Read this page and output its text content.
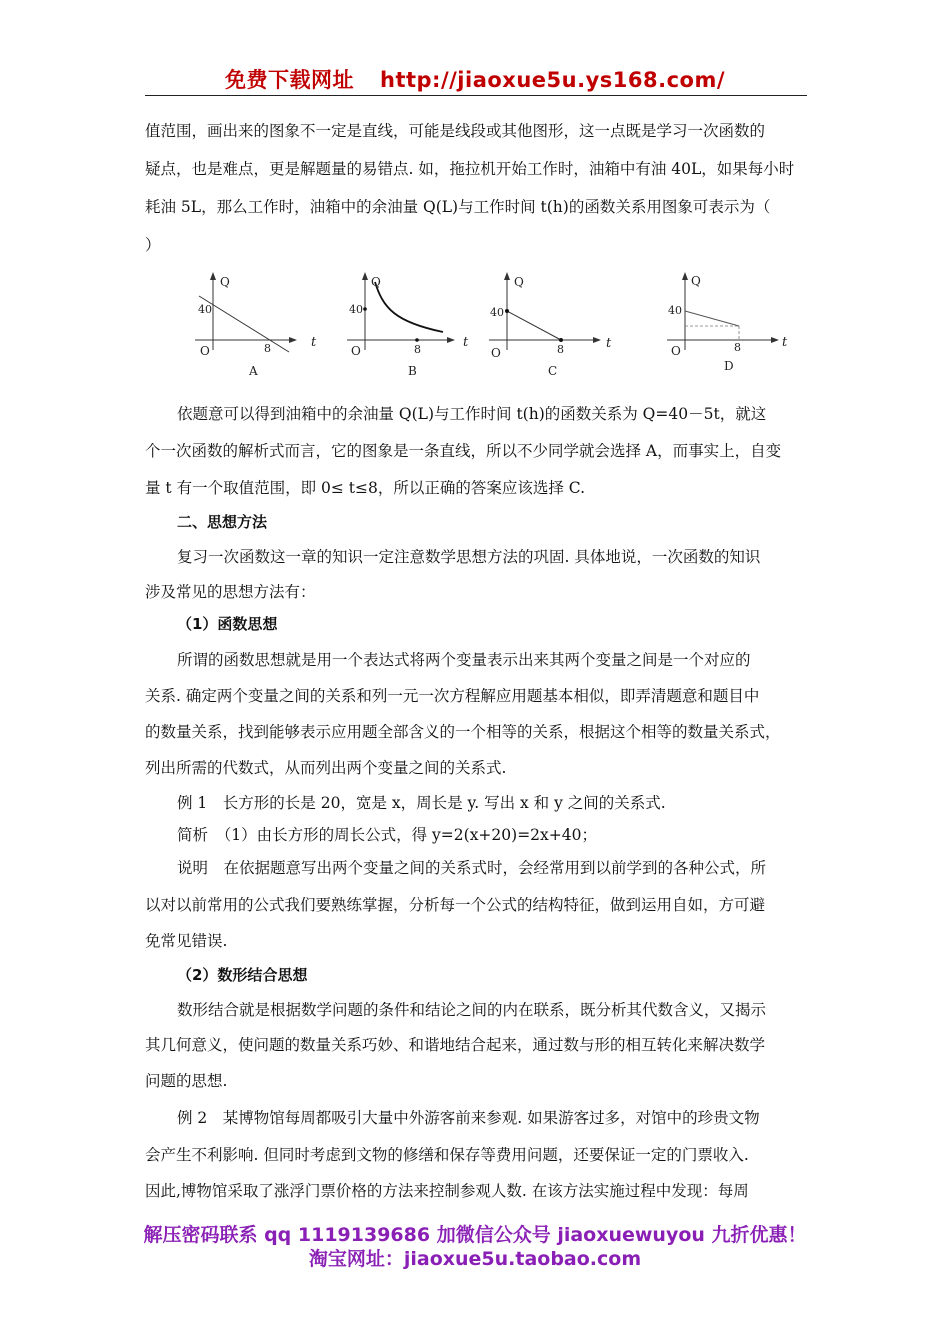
免费下载网址 http://jiaoxue5u.ys168.com/
值范围，画出来的图象不一定是直线，可能是线段或其他图形，这一点既是学习一次函数的
疑点，也是难点，更是解题量的易错点. 如，拖拉机开始工作时，油箱中有油 40L，如果每小时
耗油 5L，那么工作时，油箱中的余油量 Q(L)与工作时间 t(h)的函数关系用图象可表示为（
）
Q
t
40
O	8
A
Q
t
40
O	8
B
Q
t
40
O	8
C
Q
t
40
O	8
D
依题意可以得到油箱中的余油量 Q(L)与工作时间 t(h)的函数关系为 Q=40－5t，就这
个一次函数的解析式而言，它的图象是一条直线，所以不少同学就会选择 A，而事实上，自变
量 t 有一个取值范围，即 0≤ t≤8，所以正确的答案应该选择 C.
二、思想方法
复习一次函数这一章的知识一定注意数学思想方法的巩固. 具体地说，一次函数的知识
涉及常见的思想方法有：
（1）函数思想
所谓的函数思想就是用一个表达式将两个变量表示出来其两个变量之间是一个对应的
关系. 确定两个变量之间的关系和列一元一次方程解应用题基本相似，即弄清题意和题目中
的数量关系，找到能够表示应用题全部含义的一个相等的关系，根据这个相等的数量关系式，
列出所需的代数式，从而列出两个变量之间的关系式.
例 1　长方形的长是 20，宽是 x，周长是 y. 写出 x 和 y 之间的关系式.
简析　（1）由长方形的周长公式，得 y=2(x+20)=2x+40；
说明　在依据题意写出两个变量之间的关系式时，会经常用到以前学到的各种公式，所
以对以前常用的公式我们要熟练掌握，分析每一个公式的结构特征，做到运用自如，方可避
免常见错误.
（2）数形结合思想
数形结合就是根据数学问题的条件和结论之间的内在联系，既分析其代数含义，又揭示
其几何意义，使问题的数量关系巧妙、和谐地结合起来，通过数与形的相互转化来解决数学
问题的思想.
例 2　某博物馆每周都吸引大量中外游客前来参观. 如果游客过多，对馆中的珍贵文物
会产生不利影响. 但同时考虑到文物的修缮和保存等费用问题，还要保证一定的门票收入.
因此,博物馆采取了涨浮门票价格的方法来控制参观人数. 在该方法实施过程中发现：每周
解压密码联系 qq 1119139686 加微信公众号 jiaoxuewuyou 九折优惠！
淘宝网址：jiaoxue5u.taobao.com
